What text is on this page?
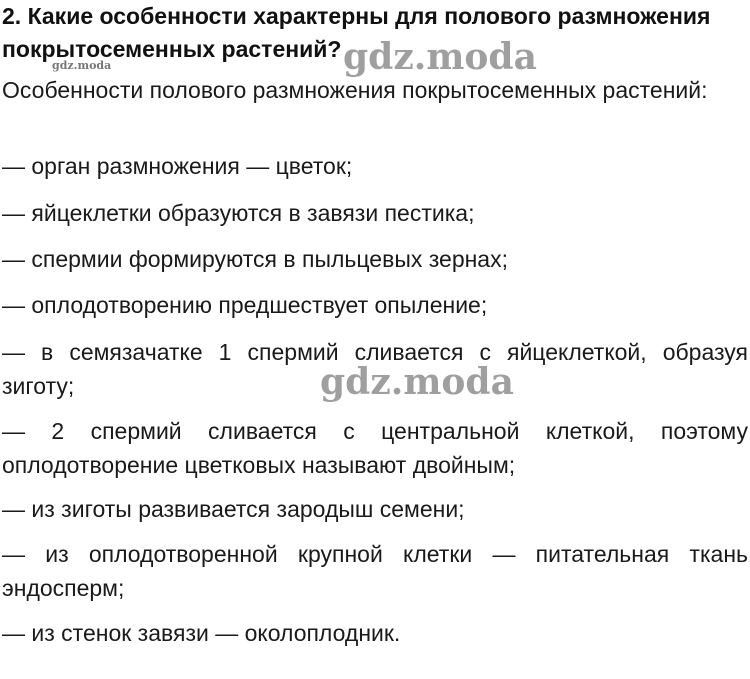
2. Какие особенности характерны для полового размножения покрытосеменных растений?

Особенности полового размножения покрытосеменных растений:

— орган размножения — цветок;

— яйцеклетки образуются в завязи пестика;

— спермии формируются в пыльцевых зернах;

— оплодотворению предшествует опыление;

— в семязачатке 1 спермий сливается с яйцеклеткой, образуя зиготу;

— 2 спермий сливается с центральной клеткой, поэтому оплодотворение цветковых называют двойным;

— из зиготы развивается зародыш семени;

— из оплодотворенной крупной клетки — питательная ткань эндосперм;

— из стенок завязи — околоплодник.

gdz.moda
gdz.moda
gdz.moda
